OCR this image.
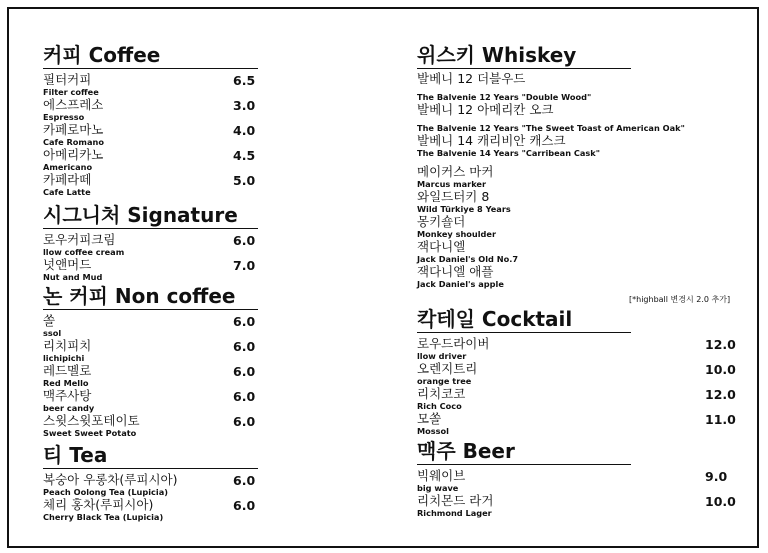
커피 Coffee
필터커피
Filter coffee
6.5
에스프레소
Espresso
3.0
카페로마노
Cafe Romano
4.0
아메리카노
Americano
4.5
카페라떼
Cafe Latte
5.0
시그니처 Signature
로우커피크림
llow coffee cream
6.0
넛앤머드
Nut and Mud
7.0
논 커피 Non coffee
쏠
ssol
6.0
리치피치
lichipichi
6.0
레드멜로
Red Mello
6.0
맥주사탕
beer candy
6.0
스윗스윗포테이토
Sweet Sweet Potato
6.0
티 Tea
복숭아 우롱차(루피시아)
Peach Oolong Tea (Lupicia)
6.0
체리 홍차(루피시아)
Cherry Black Tea (Lupicia)
6.0
위스키 Whiskey
발베니 12 더블우드
The Balvenie 12 Years "Double Wood"
발베니 12 아메리칸 오크
The Balvenie 12 Years "The Sweet Toast of American Oak"
발베니 14 캐리비안 캐스크
The Balvenie 14 Years "Carribean Cask"
메이커스 마커
Marcus marker
와일드터키 8
Wild Türkiye 8 Years
몽키숄더
Monkey shoulder
잭다니엘
Jack Daniel's Old No.7
잭다니엘 애플
Jack Daniel's apple
[*highball 변경시 2.0 추가]
칵테일 Cocktail
로우드라이버
llow driver
12.0
오렌지트리
orange tree
10.0
리치코코
Rich Coco
12.0
모쏠
Mossol
11.0
맥주 Beer
빅웨이브
big wave
9.0
리치몬드 라거
Richmond Lager
10.0
